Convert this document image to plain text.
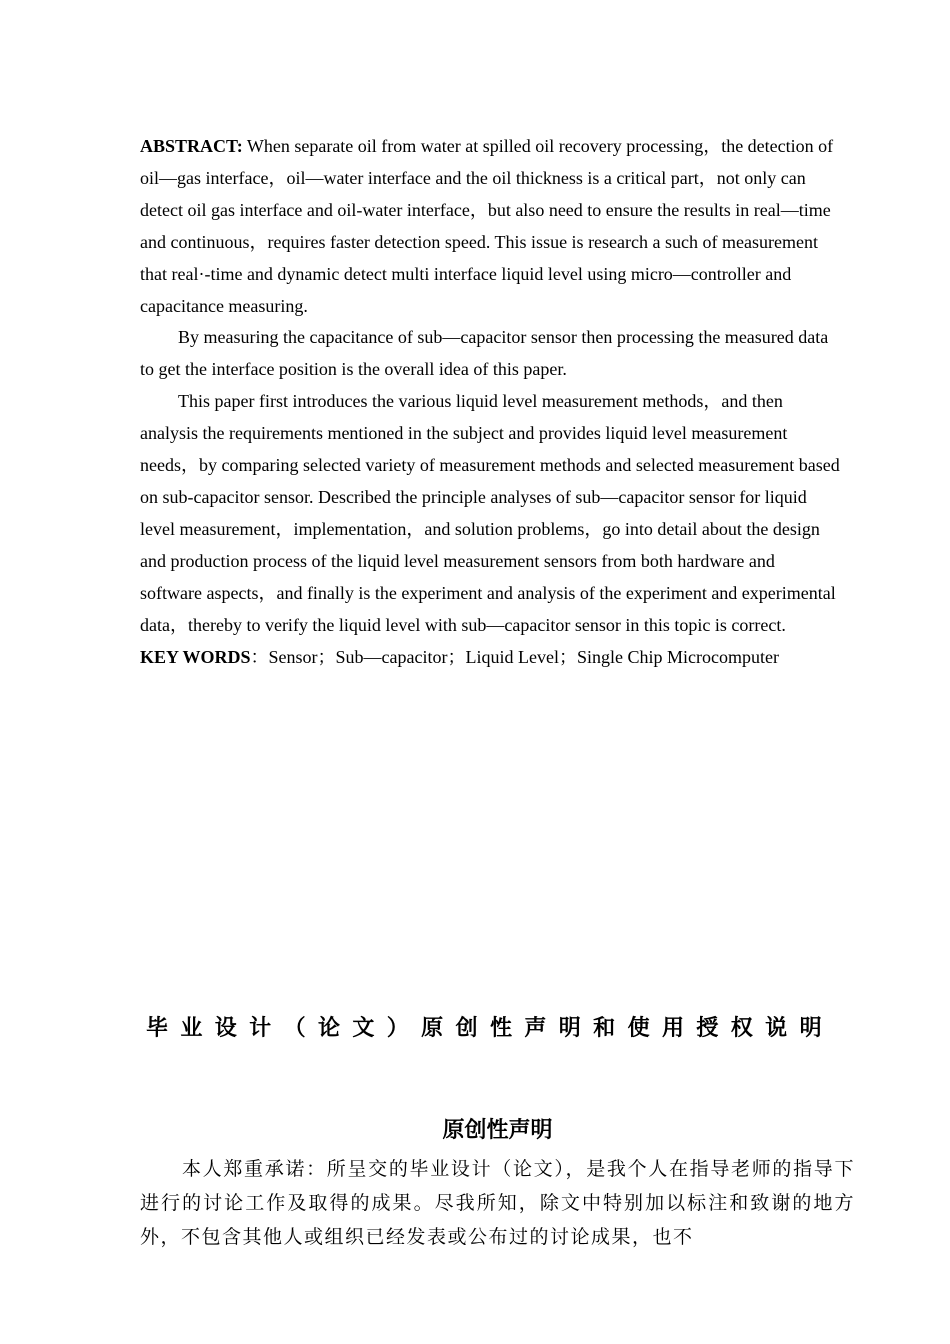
ABSTRACT: When separate oil from water at spilled oil recovery processing，the detection of oil—gas interface，oil—water interface and the oil thickness is a critical part，not only can detect oil gas interface and oil-water interface，but also need to ensure the results in real—time and continuous，requires faster detection speed. This issue is research a such of measurement that real·-time and dynamic detect multi interface liquid level using micro—controller and capacitance measuring.

By measuring the capacitance of sub—capacitor sensor then processing the measured data to get the interface position is the overall idea of this paper.

This paper first introduces the various liquid level measurement methods，and then analysis the requirements mentioned in the subject and provides liquid level measurement needs，by comparing selected variety of measurement methods and selected measurement based on sub-capacitor sensor. Described the principle analyses of sub—capacitor sensor for liquid level measurement，implementation，and solution problems，go into detail about the design and production process of the liquid level measurement sensors from both hardware and software aspects，and finally is the experiment and analysis of the experiment and experimental data，thereby to verify the liquid level with sub—capacitor sensor in this topic is correct.

KEY WORDS：Sensor；Sub—capacitor；Liquid Level；Single Chip Microcomputer

毕业设计（论文）原创性声明和使用授权说明
原创性声明

本人郑重承诺：所呈交的毕业设计（论文），是我个人在指导老师的指导下进行的讨论工作及取得的成果。尽我所知，除文中特别加以标注和致谢的地方外，不包含其他人或组织已经发表或公布过的讨论成果，也不
